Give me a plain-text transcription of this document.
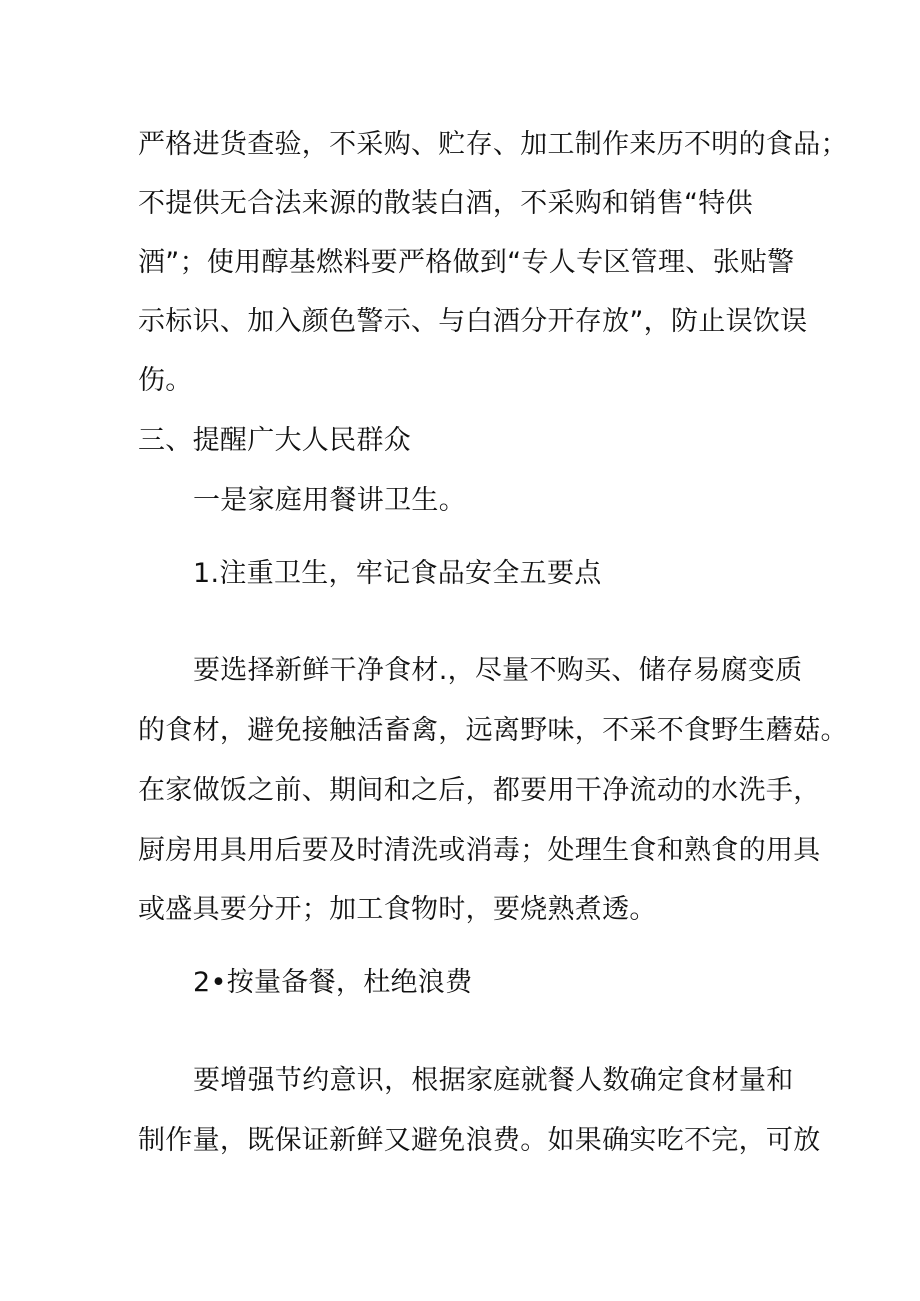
严格进货查验，不采购、贮存、加工制作来历不明的食品；
不提供无合法来源的散装白酒，不采购和销售“特供
酒”；使用醇基燃料要严格做到“专人专区管理、张贴警
示标识、加入颜色警示、与白酒分开存放”，防止误饮误
伤。
三、提醒广大人民群众
一是家庭用餐讲卫生。
1.注重卫生，牢记食品安全五要点
要选择新鲜干净食材.，尽量不购买、储存易腐变质
的食材，避免接触活畜禽，远离野味，不采不食野生蘑菇。
在家做饭之前、期间和之后，都要用干净流动的水洗手，
厨房用具用后要及时清洗或消毒；处理生食和熟食的用具
或盛具要分开；加工食物时，要烧熟煮透。
2•按量备餐，杜绝浪费
要增强节约意识，根据家庭就餐人数确定食材量和
制作量，既保证新鲜又避免浪费。如果确实吃不完，可放
